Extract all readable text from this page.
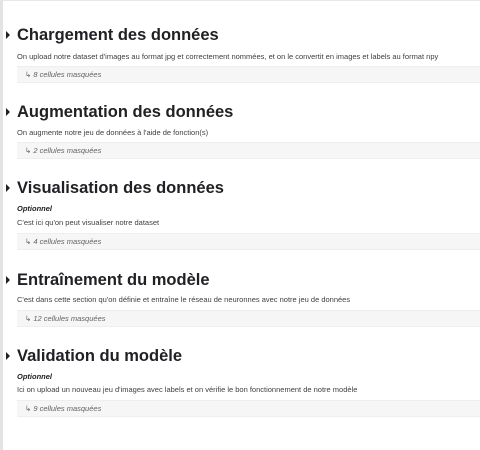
Chargement des données
On upload notre dataset d'images au format jpg et correctement nommées, et on le convertit en images et labels au format npy
↳ 8 cellules masquées
Augmentation des données
On augmente notre jeu de données à l'aide de fonction(s)
↳ 2 cellules masquées
Visualisation des données
Optionnel
C'est ici qu'on peut visualiser notre dataset
↳ 4 cellules masquées
Entraînement du modèle
C'est dans cette section qu'on définie et entraîne le réseau de neuronnes avec notre jeu de données
↳ 12 cellules masquées
Validation du modèle
Optionnel
Ici on upload un nouveau jeu d'images avec labels et on vérifie le bon fonctionnement de notre modèle
↳ 9 cellules masquées
